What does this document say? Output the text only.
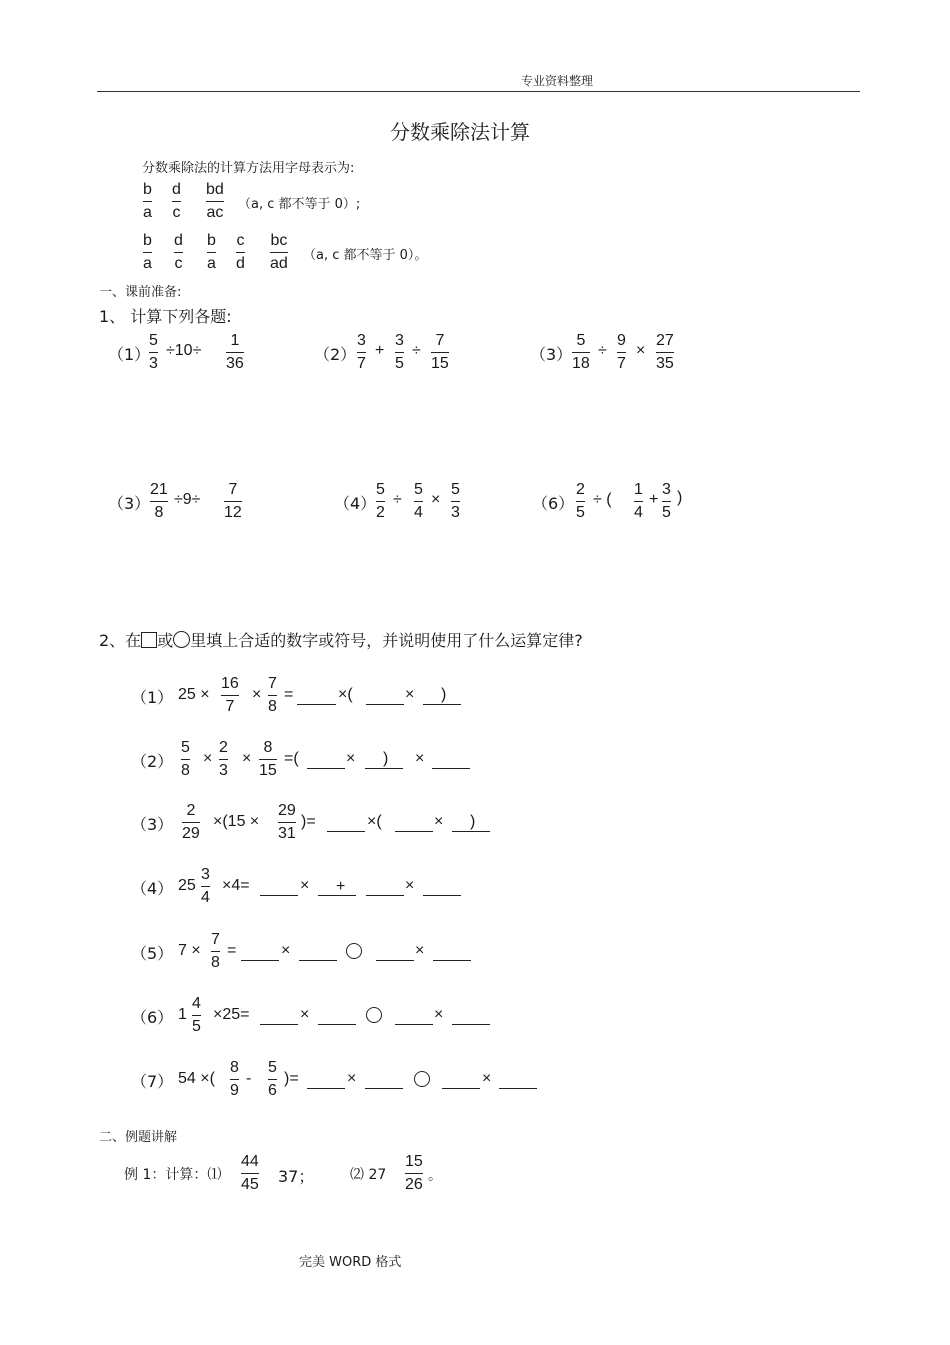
专业资料整理
分数乘除法计算
分数乘除法的计算方法用字母表示为:
b
a
d
c
bd
ac （a, c 都不等于 0）;
b
a
d
c
b
a
c
d
bc
ad （a, c 都不等于 0）。
一、课前准备:
1、 计算下列各题:
（1）
5
3
÷10÷
1
36	（2）
3
7
+
3
5
÷
7
15	（3）
5
18
÷
9
7
×
27
35
（3）
21
8
÷9÷
7
12	（4）
5
2
÷
5
4
×
5
3	（6）
2
5
÷ (
1
4
+
3
5
)
2、在 或 里填上合适的数字或符号，并说明使用了什么运算定律?
（1） 25 ×
16
7
×
7
8
=	×(	× )
（2）
5
8
×
2
3
×
8
15
=(	× ) ×
（3）
2
29
×(15 ×
29
31
)=	×(	× )
（4） 25
3
4
×4=	× +	×
（5） 7 ×
7
8
=	×	×
（6） 1
4
5
×25=	×	×
（7） 54 ×(
8
9
-
5
6
)=	×	×
二、例题讲解
例 1：计算：⑴
44
45 37；	⑵ 27
15
26 。
完美 WORD 格式
